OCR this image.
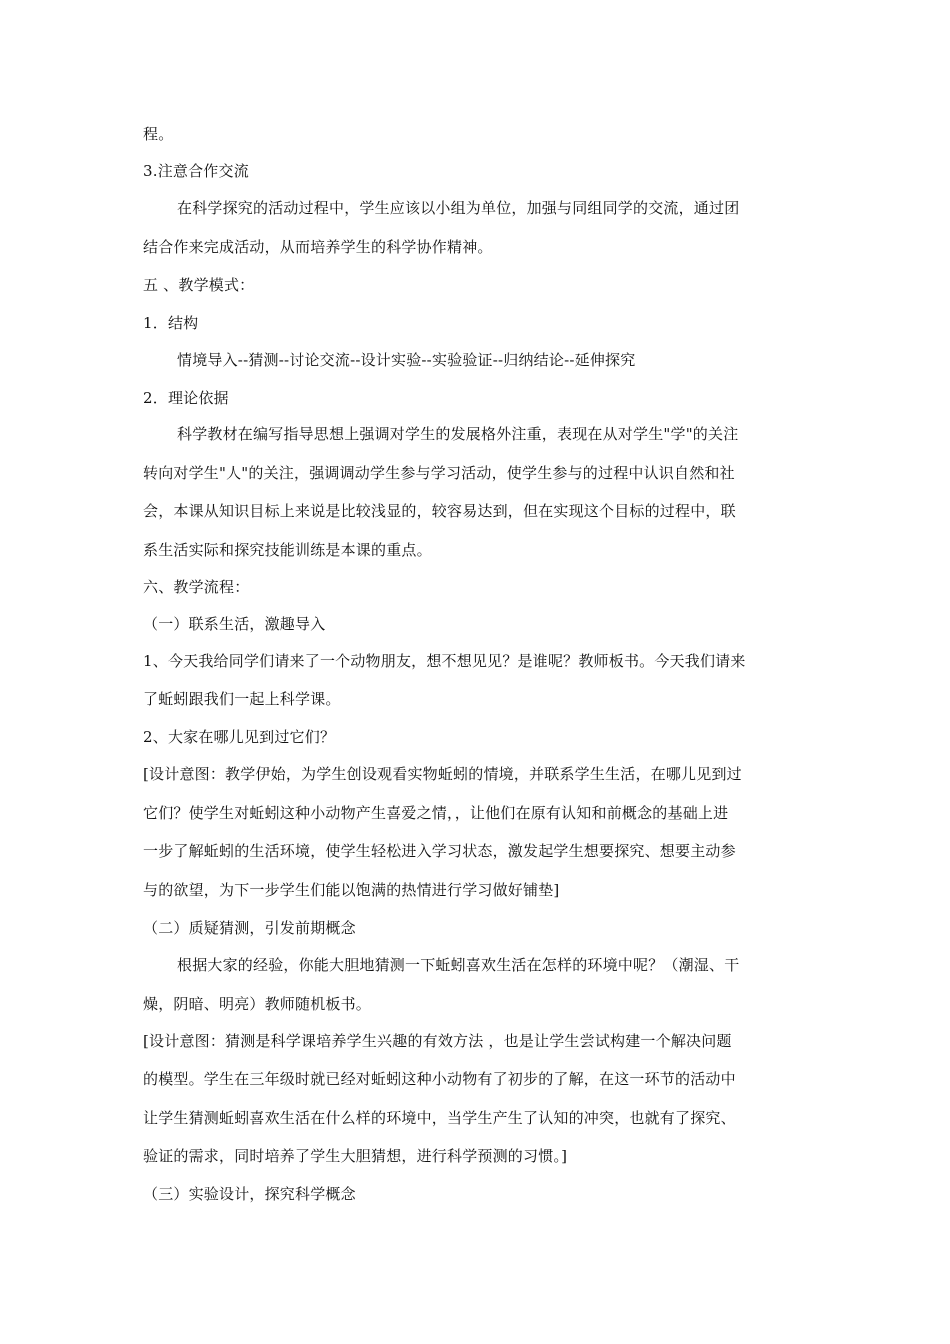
程。
3.注意合作交流
在科学探究的活动过程中，学生应该以小组为单位，加强与同组同学的交流，通过团
结合作来完成活动，从而培养学生的科学协作精神。
五 、教学模式：
1．结构
情境导入--猜测--讨论交流--设计实验--实验验证--归纳结论--延伸探究
2．理论依据
科学教材在编写指导思想上强调对学生的发展格外注重，表现在从对学生"学"的关注
转向对学生"人"的关注，强调调动学生参与学习活动，使学生参与的过程中认识自然和社
会，本课从知识目标上来说是比较浅显的，较容易达到，但在实现这个目标的过程中，联
系生活实际和探究技能训练是本课的重点。
六、教学流程：
（一）联系生活，激趣导入
1、今天我给同学们请来了一个动物朋友，想不想见见？是谁呢？教师板书。今天我们请来
了蚯蚓跟我们一起上科学课。
2、大家在哪儿见到过它们？
[设计意图：教学伊始，为学生创设观看实物蚯蚓的情境，并联系学生生活，在哪儿见到过
它们？使学生对蚯蚓这种小动物产生喜爱之情，，让他们在原有认知和前概念的基础上进
一步了解蚯蚓的生活环境，使学生轻松进入学习状态，激发起学生想要探究、想要主动参
与的欲望，为下一步学生们能以饱满的热情进行学习做好铺垫]
（二）质疑猜测，引发前期概念
根据大家的经验，你能大胆地猜测一下蚯蚓喜欢生活在怎样的环境中呢？（潮湿、干
燥，阴暗、明亮）教师随机板书。
[设计意图：猜测是科学课培养学生兴趣的有效方法 ，也是让学生尝试构建一个解决问题
的模型。学生在三年级时就已经对蚯蚓这种小动物有了初步的了解，在这一环节的活动中
让学生猜测蚯蚓喜欢生活在什么样的环境中，当学生产生了认知的冲突，也就有了探究、
验证的需求，同时培养了学生大胆猜想，进行科学预测的习惯。]
（三）实验设计，探究科学概念
